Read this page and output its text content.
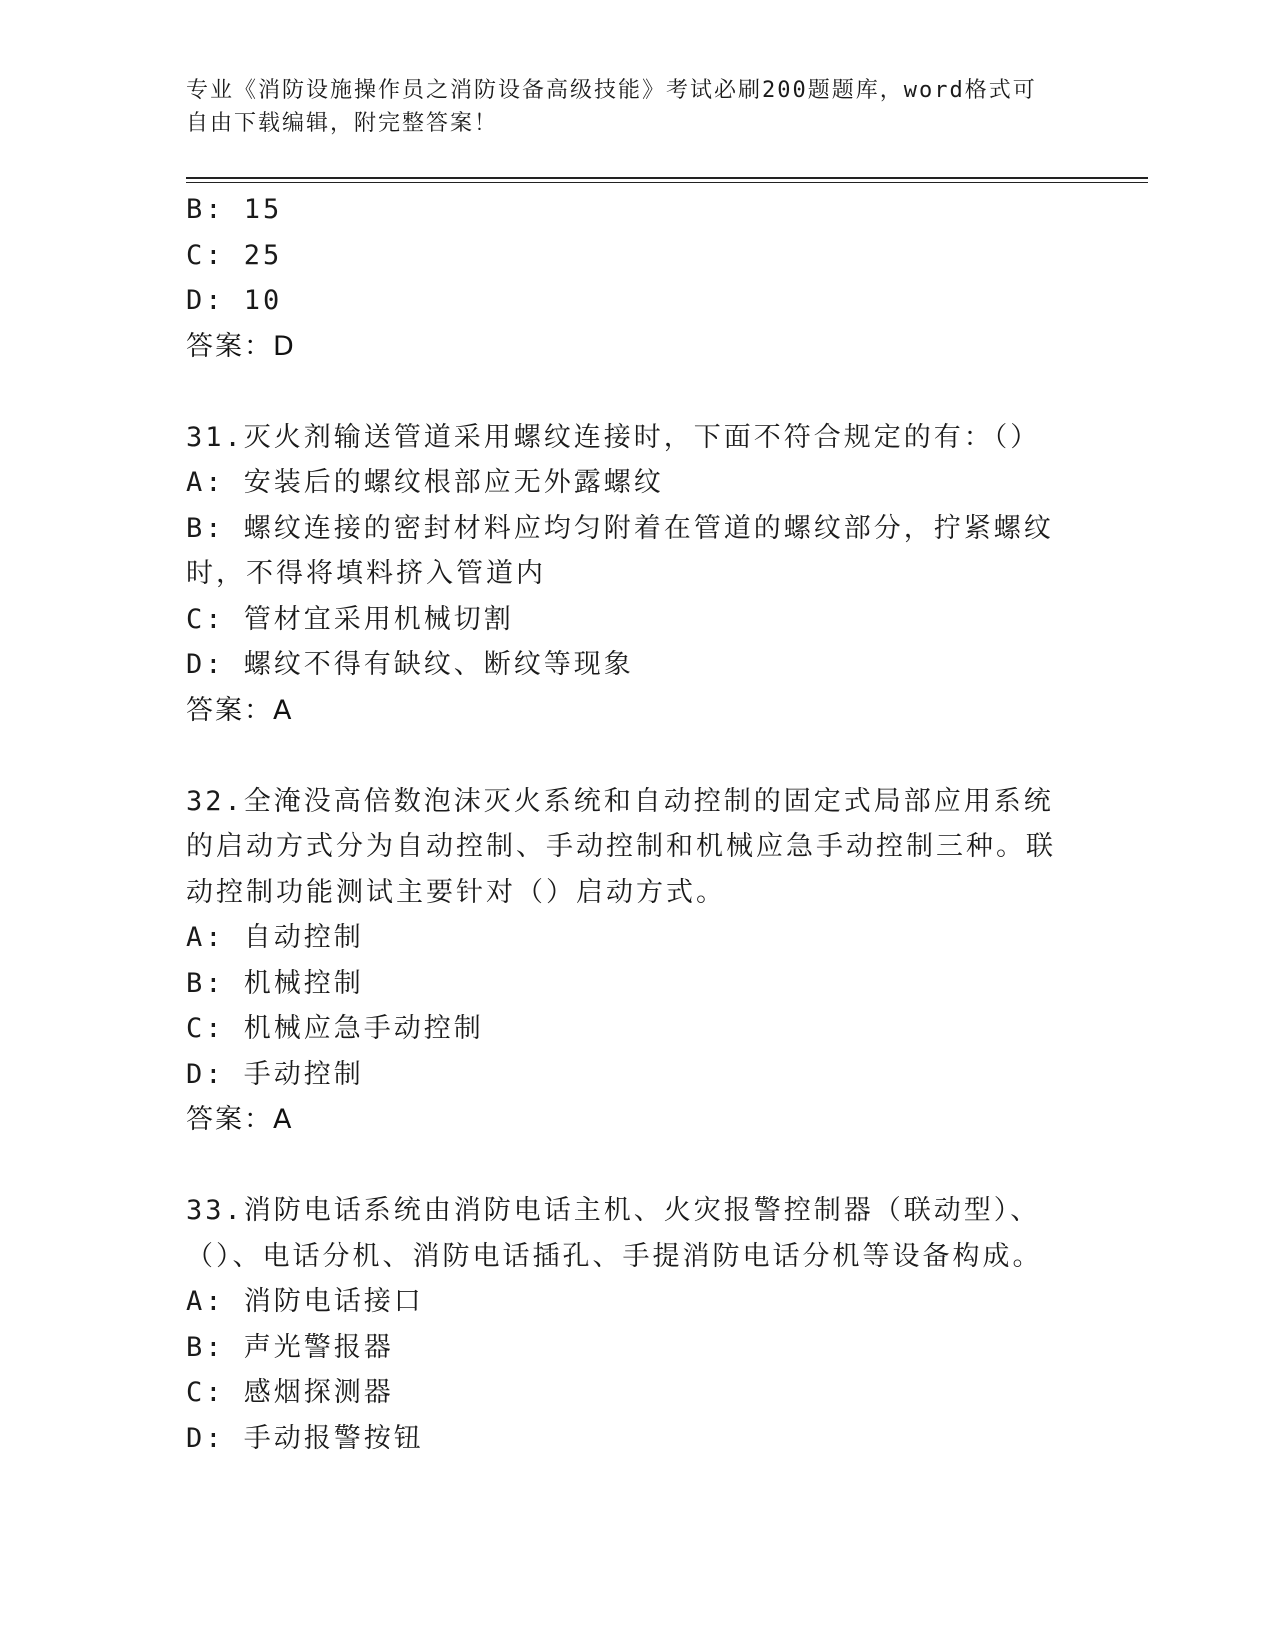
专业《消防设施操作员之消防设备高级技能》考试必刷200题题库，word格式可
自由下载编辑，附完整答案！
B: 15
C: 25
D: 10
答案：D
31.灭火剂输送管道采用螺纹连接时，下面不符合规定的有：（）
A: 安装后的螺纹根部应无外露螺纹
B: 螺纹连接的密封材料应均匀附着在管道的螺纹部分，拧紧螺纹时，不得将填料挤入管道内
C: 管材宜采用机械切割
D: 螺纹不得有缺纹、断纹等现象
答案：A
32.全淹没高倍数泡沫灭火系统和自动控制的固定式局部应用系统的启动方式分为自动控制、手动控制和机械应急手动控制三种。联动控制功能测试主要针对（）启动方式。
A: 自动控制
B: 机械控制
C: 机械应急手动控制
D: 手动控制
答案：A
33.消防电话系统由消防电话主机、火灾报警控制器（联动型）、（）、电话分机、消防电话插孔、手提消防电话分机等设备构成。
A: 消防电话接口
B: 声光警报器
C: 感烟探测器
D: 手动报警按钮
